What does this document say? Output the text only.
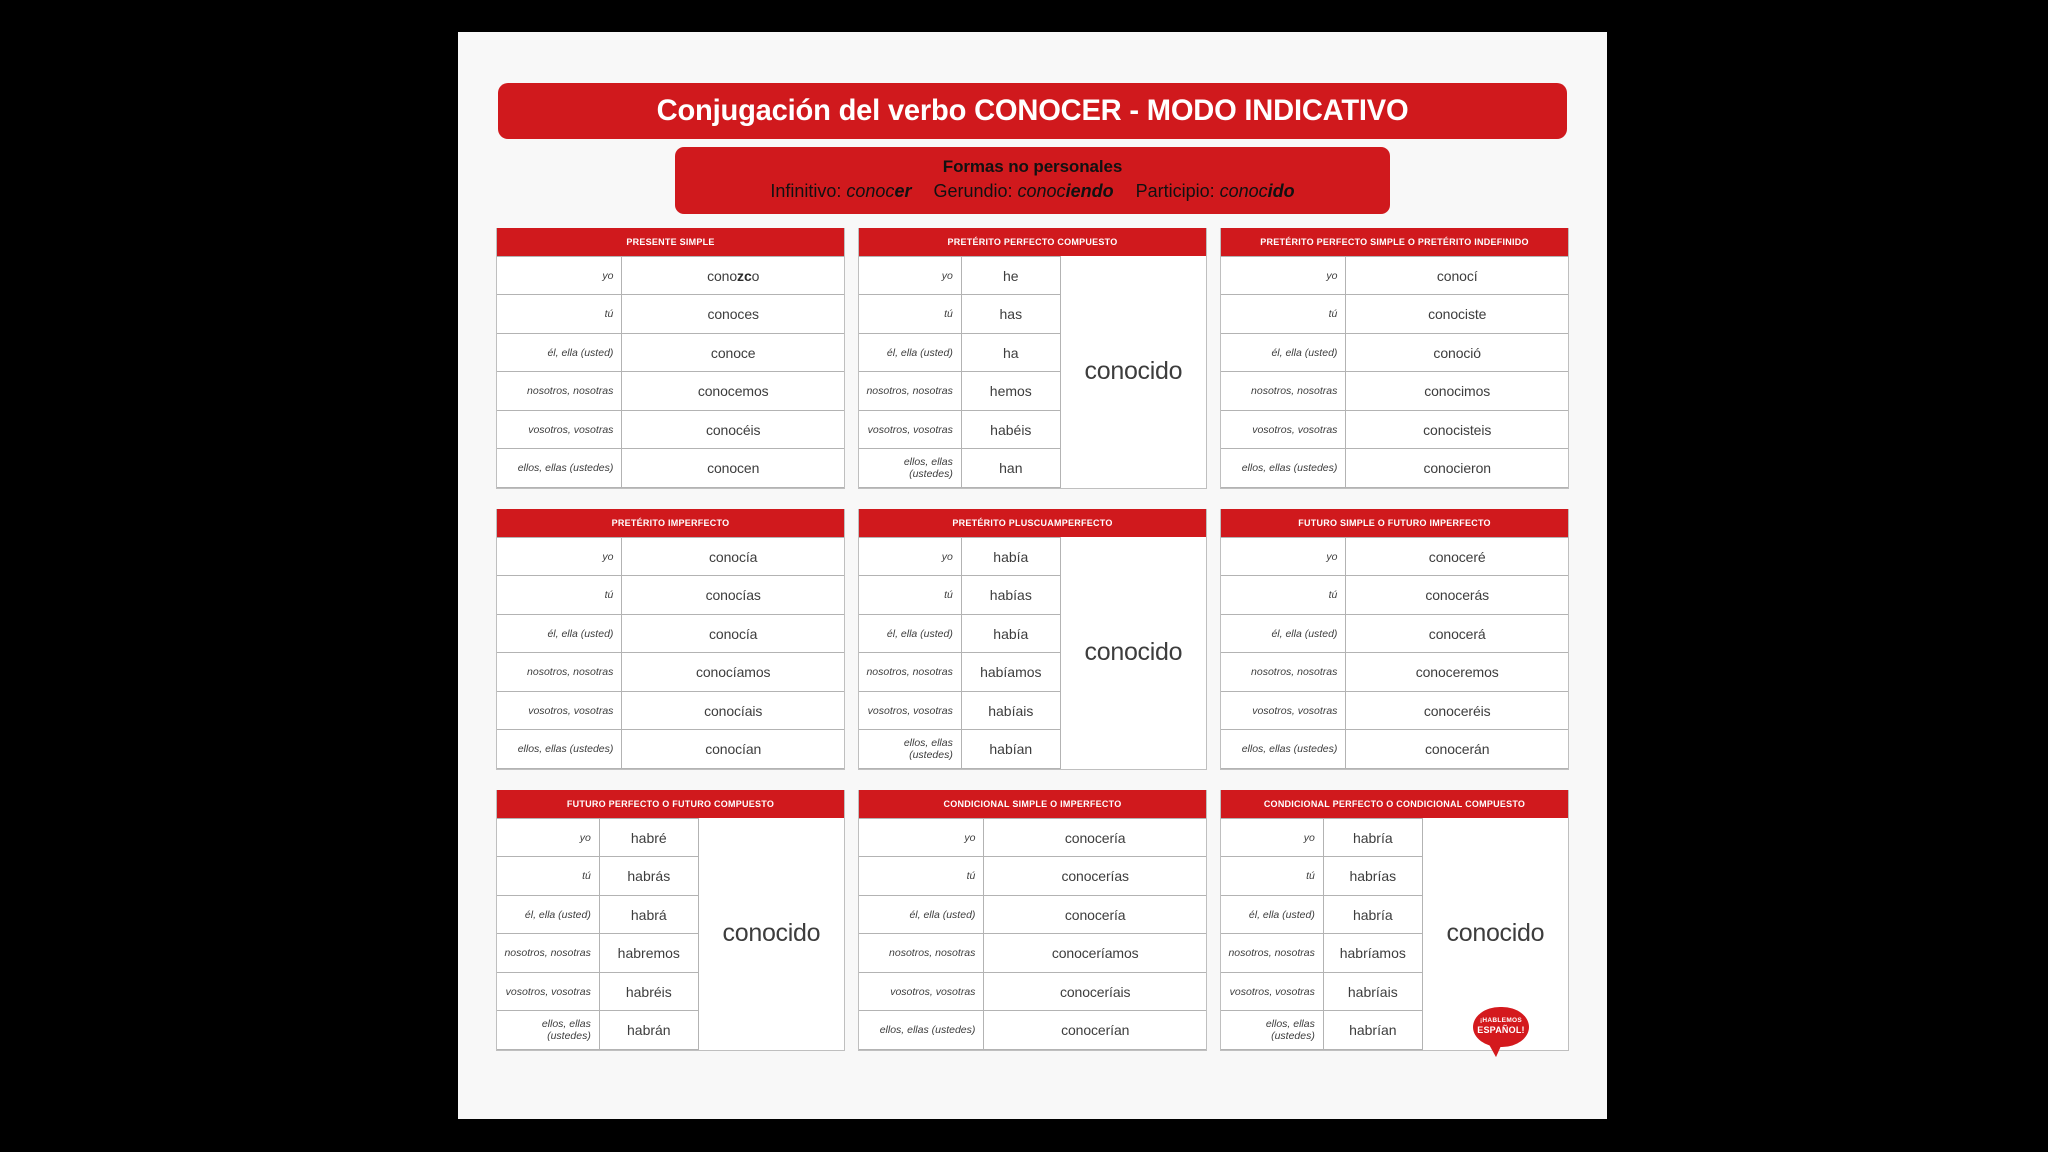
Conjugación del verbo CONOCER - MODO INDICATIVO
Formas no personales
Infinitivo: conocer Gerundio: conociendo Participio: conocido
PRESENTE SIMPLE
yo	conozco
tú	conoces
él, ella (usted)	conoce
nosotros, nosotras	conocemos
vosotros, vosotras	conocéis
ellos, ellas (ustedes)	conocen
PRETÉRITO PERFECTO COMPUESTO
yo	he	conocido
tú	has	
él, ella (usted)	ha	
nosotros, nosotras	hemos	
vosotros, vosotras	habéis	
ellos, ellas (ustedes)	han	
PRETÉRITO PERFECTO SIMPLE O PRETÉRITO INDEFINIDO
yo	conocí
tú	conociste
él, ella (usted)	conoció
nosotros, nosotras	conocimos
vosotros, vosotras	conocisteis
ellos, ellas (ustedes)	conocieron
PRETÉRITO IMPERFECTO
yo	conocía
tú	conocías
él, ella (usted)	conocía
nosotros, nosotras	conocíamos
vosotros, vosotras	conocíais
ellos, ellas (ustedes)	conocían
PRETÉRITO PLUSCUAMPERFECTO
yo	había	conocido
tú	habías	
él, ella (usted)	había	
nosotros, nosotras	habíamos	
vosotros, vosotras	habíais	
ellos, ellas (ustedes)	habían	
FUTURO SIMPLE O FUTURO IMPERFECTO
yo	conoceré
tú	conocerás
él, ella (usted)	conocerá
nosotros, nosotras	conoceremos
vosotros, vosotras	conoceréis
ellos, ellas (ustedes)	conocerán
FUTURO PERFECTO O FUTURO COMPUESTO
yo	habré	conocido
tú	habrás	
él, ella (usted)	habrá	
nosotros, nosotras	habremos	
vosotros, vosotras	habréis	
ellos, ellas (ustedes)	habrán	
CONDICIONAL SIMPLE O IMPERFECTO
yo	conocería
tú	conocerías
él, ella (usted)	conocería
nosotros, nosotras	conoceríamos
vosotros, vosotras	conoceríais
ellos, ellas (ustedes)	conocerían
CONDICIONAL PERFECTO O CONDICIONAL COMPUESTO
yo	habría	conocido
tú	habrías	
él, ella (usted)	habría	
nosotros, nosotras	habríamos	
vosotros, vosotras	habríais	
ellos, ellas (ustedes)	habrían	
¡HABLEMOS
ESPAÑOL!
